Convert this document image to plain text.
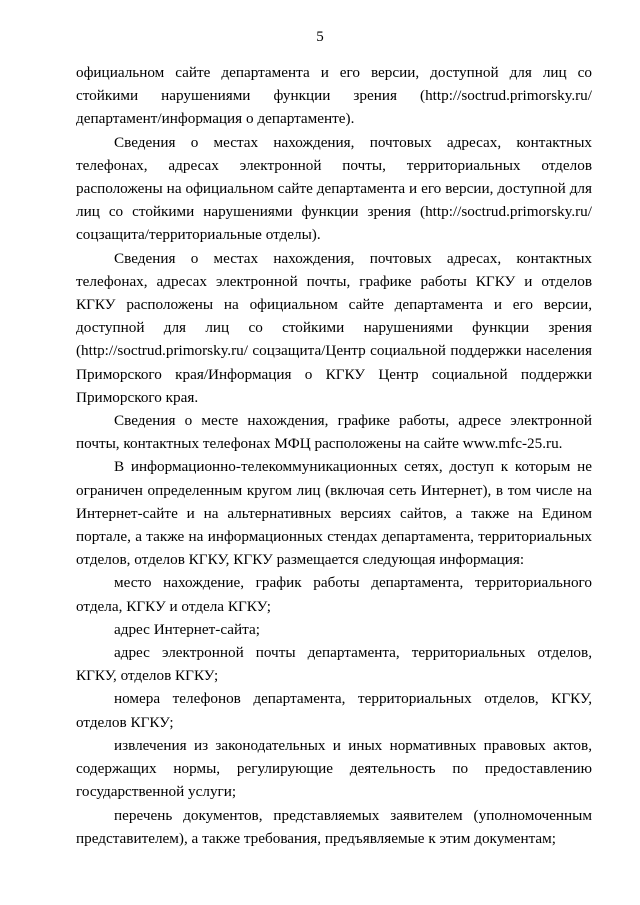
5

официальном сайте департамента и его версии, доступной для лиц со стойкими нарушениями функции зрения (http://soctrud.primorsky.ru/ департамент/информация о департаменте).

Сведения о местах нахождения, почтовых адресах, контактных телефонах, адресах электронной почты, территориальных отделов расположены на официальном сайте департамента и его версии, доступной для лиц со стойкими нарушениями функции зрения (http://soctrud.primorsky.ru/ соцзащита/территориальные отделы).

Сведения о местах нахождения, почтовых адресах, контактных телефонах, адресах электронной почты, графике работы КГКУ и отделов КГКУ расположены на официальном сайте департамента и его версии, доступной для лиц со стойкими нарушениями функции зрения (http://soctrud.primorsky.ru/ соцзащита/Центр социальной поддержки населения Приморского края/Информация о КГКУ Центр социальной поддержки Приморского края.

Сведения о месте нахождения, графике работы, адресе электронной почты, контактных телефонах МФЦ расположены на сайте www.mfc-25.ru.

В информационно-телекоммуникационных сетях, доступ к которым не ограничен определенным кругом лиц (включая сеть Интернет), в том числе на Интернет-сайте и на альтернативных версиях сайтов, а также на Едином портале, а также на информационных стендах департамента, территориальных отделов, отделов КГКУ, КГКУ размещается следующая информация:

место нахождение, график работы департамента, территориального отдела, КГКУ и отдела КГКУ;

адрес Интернет-сайта;

адрес электронной почты департамента, территориальных отделов, КГКУ, отделов КГКУ;

номера телефонов департамента, территориальных отделов, КГКУ, отделов КГКУ;

извлечения из законодательных и иных нормативных правовых актов, содержащих нормы, регулирующие деятельность по предоставлению государственной услуги;

перечень документов, представляемых заявителем (уполномоченным представителем), а также требования, предъявляемые к этим документам;
